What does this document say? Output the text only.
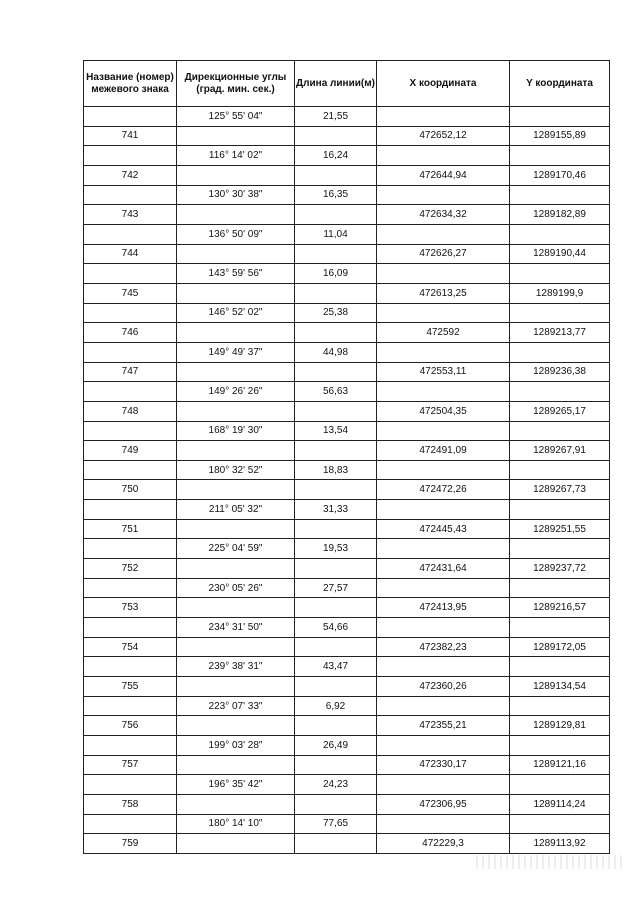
Название (номер) межевого знака	Дирекционные углы (град. мин. сек.)	Длина линии(м)	X координата	Y координата
	125° 55' 04"	21,55		
741			472652,12	1289155,89
	116° 14' 02"	16,24		
742			472644,94	1289170,46
	130° 30' 38"	16,35		
743			472634,32	1289182,89
	136° 50' 09"	11,04		
744			472626,27	1289190,44
	143° 59' 56"	16,09		
745			472613,25	1289199,9
	146° 52' 02"	25,38		
746			472592	1289213,77
	149° 49' 37"	44,98		
747			472553,11	1289236,38
	149° 26' 26"	56,63		
748			472504,35	1289265,17
	168° 19' 30"	13,54		
749			472491,09	1289267,91
	180° 32' 52"	18,83		
750			472472,26	1289267,73
	211° 05' 32"	31,33		
751			472445,43	1289251,55
	225° 04' 59"	19,53		
752			472431,64	1289237,72
	230° 05' 26"	27,57		
753			472413,95	1289216,57
	234° 31' 50"	54,66		
754			472382,23	1289172,05
	239° 38' 31"	43,47		
755			472360,26	1289134,54
	223° 07' 33"	6,92		
756			472355,21	1289129,81
	199° 03' 28"	26,49		
757			472330,17	1289121,16
	196° 35' 42"	24,23		
758			472306,95	1289114,24
	180° 14' 10"	77,65		
759			472229,3	1289113,92
